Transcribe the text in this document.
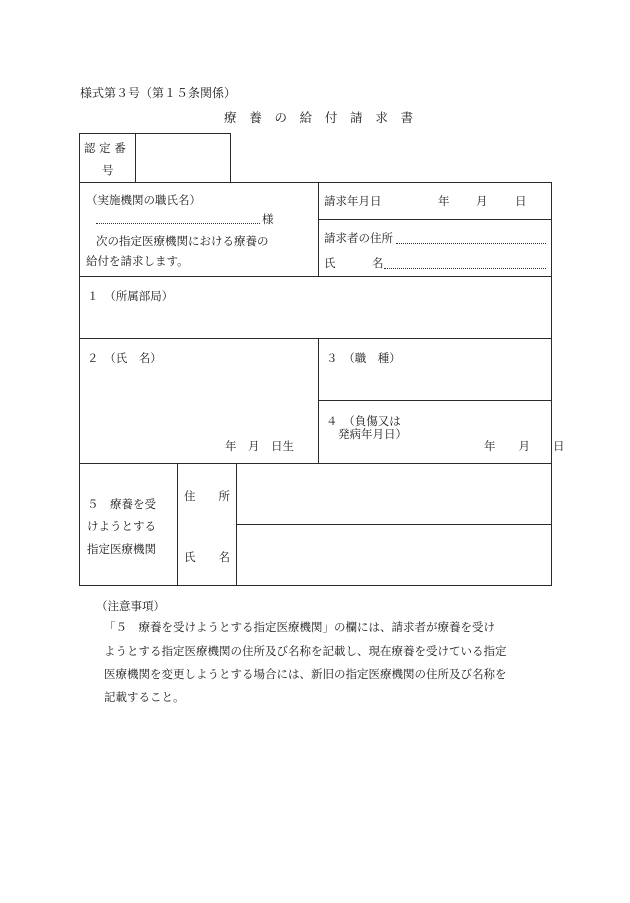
様式第３号（第１５条関係）
療 養 の 給 付 請 求 書
認 定 番
号
（実施機関の職氏名）
様
次の指定医療機関における療養の
給付を請求します。
請求年月日	年 月 日
請求者の住所
氏	名
１　（所属部局）
２　（氏　名）
年　月　日生
３　（職　種）
４　（負傷又は
発病年月日）
年　　月　　日
５　療養を受
けようとする
指定医療機関
住　　所
氏　　名
（注意事項）
「５　療養を受けようとする指定医療機関」の欄には、請求者が療養を受け
ようとする指定医療機関の住所及び名称を記載し、現在療養を受けている指定
医療機関を変更しようとする場合には、新旧の指定医療機関の住所及び名称を
記載すること。
